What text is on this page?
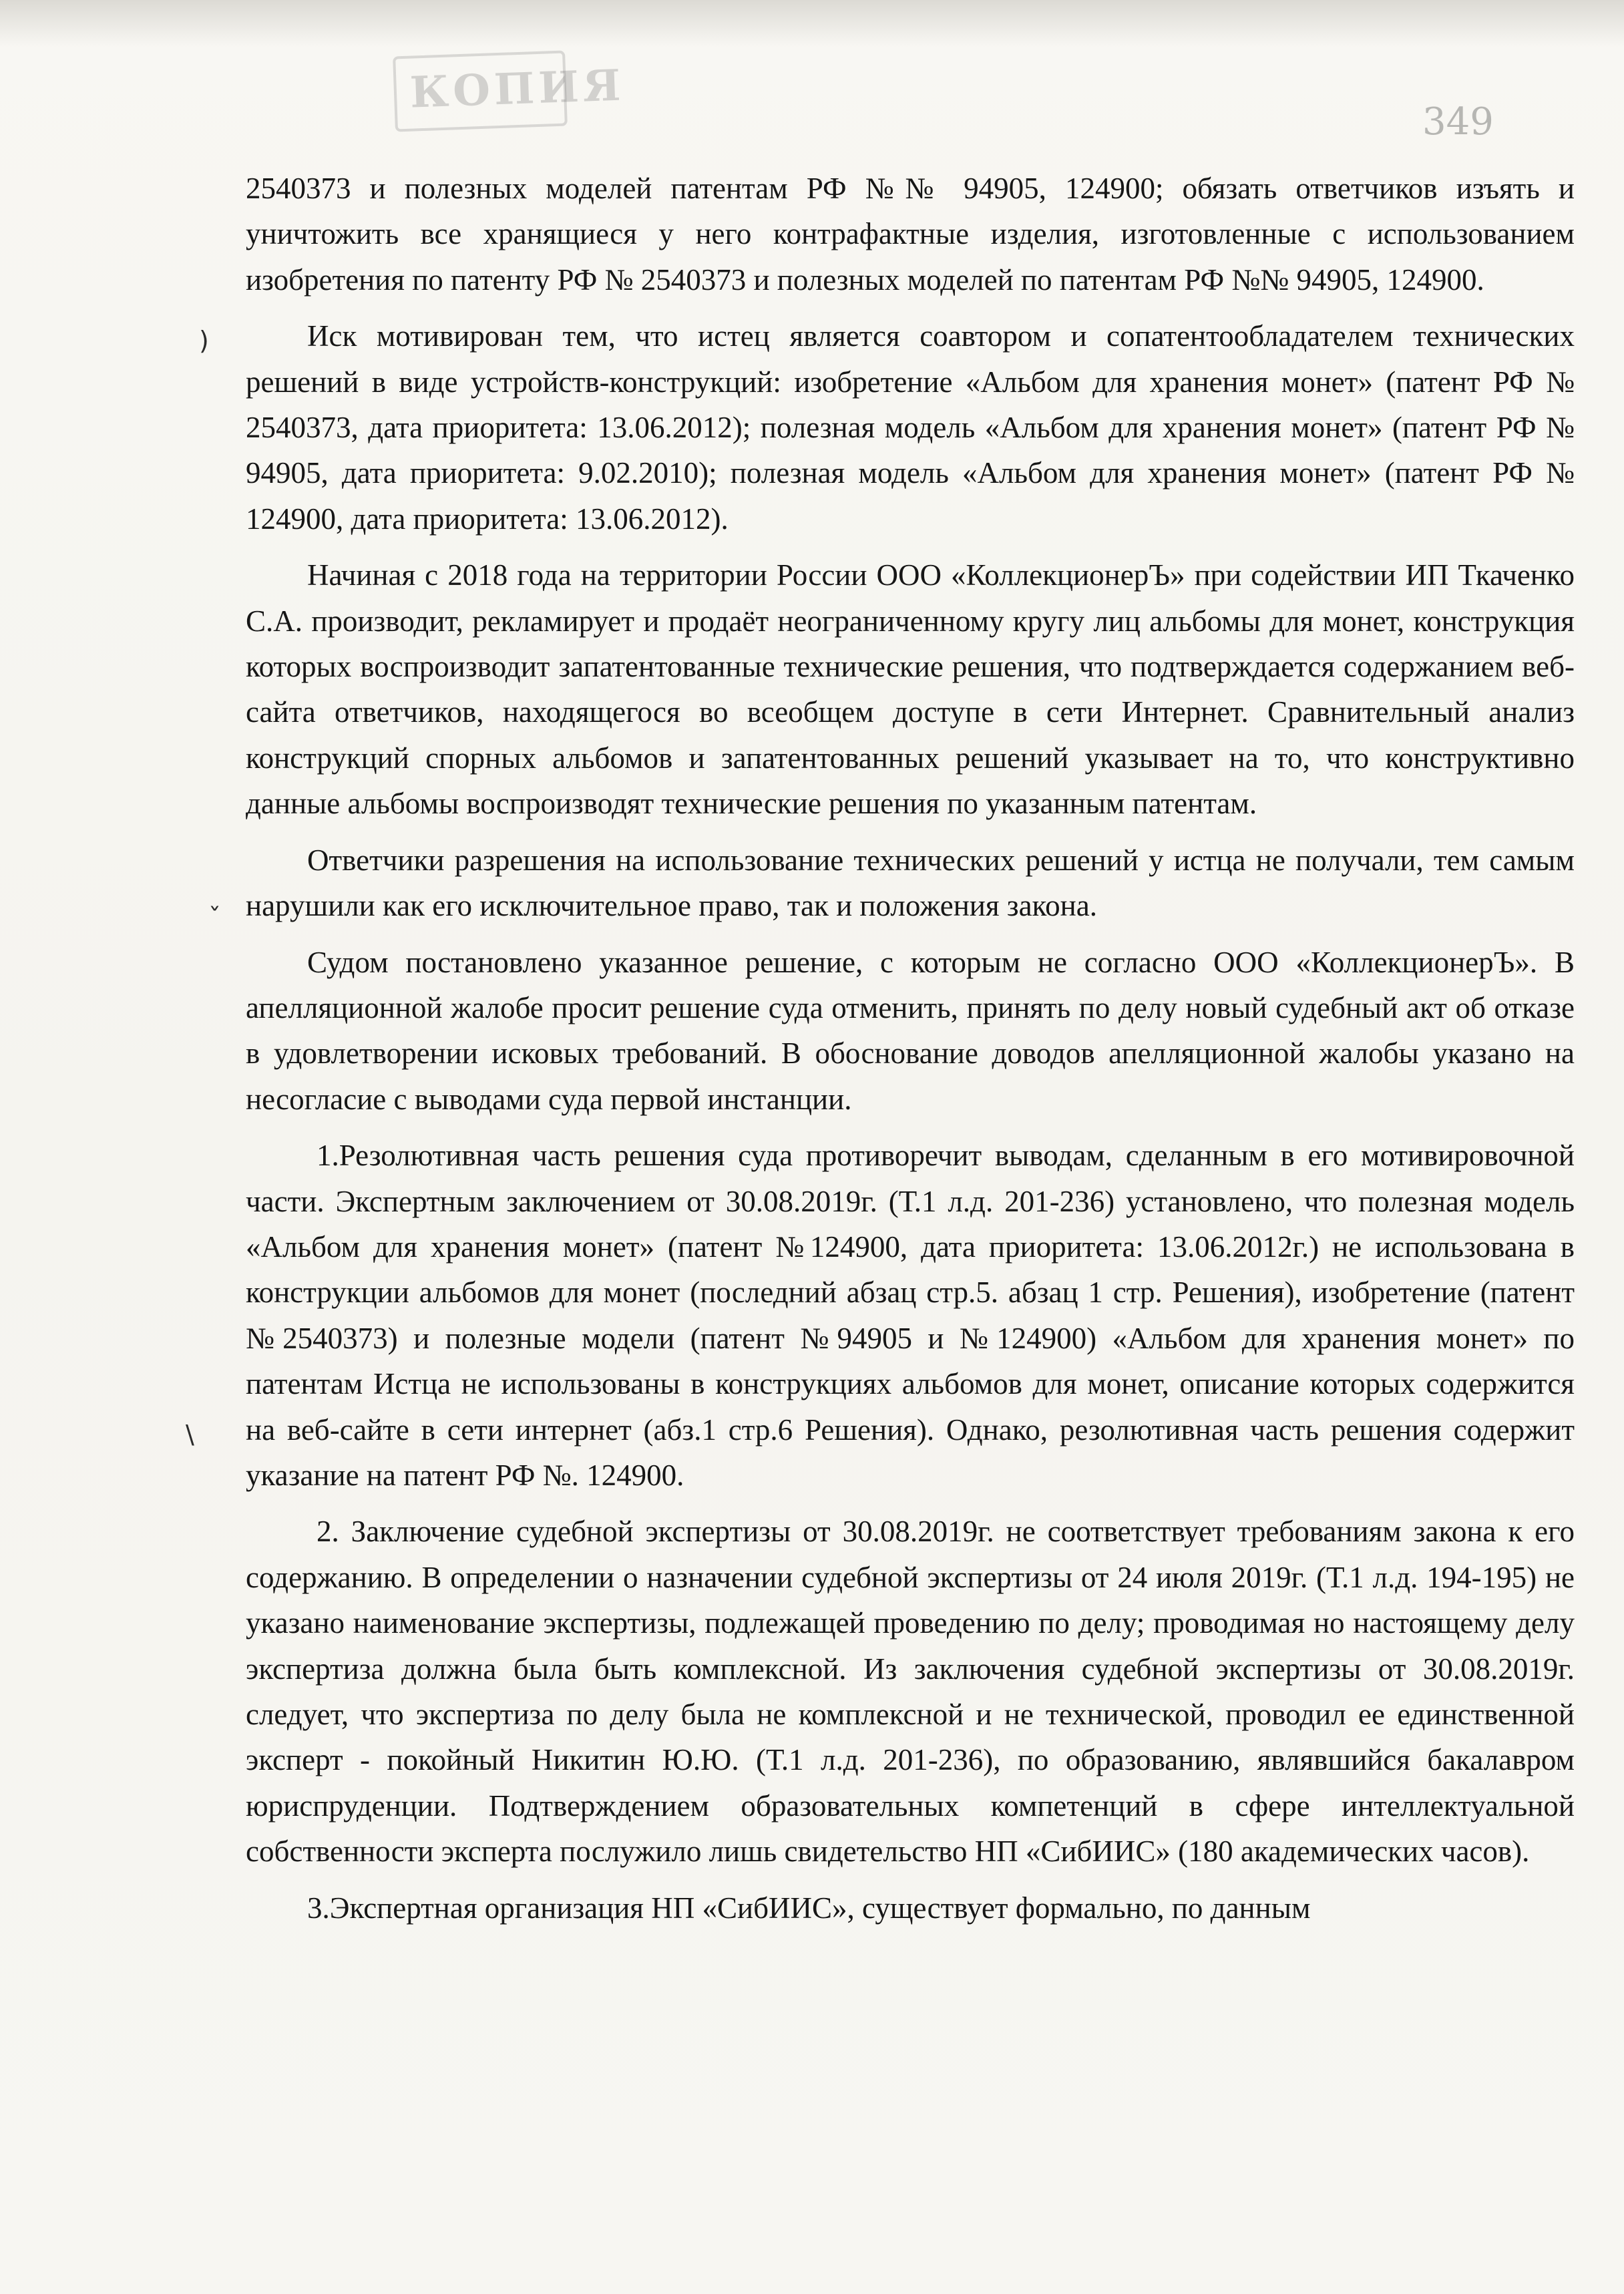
КОПИЯ
349
)
ˇ
\

2540373 и полезных моделей патентам РФ №№ 94905, 124900; обязать ответчиков изъять и уничтожить все хранящиеся у него контрафактные изделия, изготовленные с использованием изобретения по патенту РФ № 2540373 и полезных моделей по патентам РФ №№ 94905, 124900.

Иск мотивирован тем, что истец является соавтором и сопатентообладателем технических решений в виде устройств-конструкций: изобретение «Альбом для хранения монет» (патент РФ № 2540373, дата приоритета: 13.06.2012); полезная модель «Альбом для хранения монет» (патент РФ № 94905, дата приоритета: 9.02.2010); полезная модель «Альбом для хранения монет» (патент РФ № 124900, дата приоритета: 13.06.2012).

Начиная с 2018 года на территории России ООО «КоллекционерЪ» при содействии ИП Ткаченко С.А. производит, рекламирует и продаёт неограниченному кругу лиц альбомы для монет, конструкция которых воспроизводит запатентованные технические решения, что подтверждается содержанием веб-сайта ответчиков, находящегося во всеобщем доступе в сети Интернет. Сравнительный анализ конструкций спорных альбомов и запатентованных решений указывает на то, что конструктивно данные альбомы воспроизводят технические решения по указанным патентам.

Ответчики разрешения на использование технических решений у истца не получали, тем самым нарушили как его исключительное право, так и положения закона.

Судом постановлено указанное решение, с которым не согласно ООО «КоллекционерЪ». В апелляционной жалобе просит решение суда отменить, принять по делу новый судебный акт об отказе в удовлетворении исковых требований. В обоснование доводов апелляционной жалобы указано на несогласие с выводами суда первой инстанции.

1.Резолютивная часть решения суда противоречит выводам, сделанным в его мотивировочной части. Экспертным заключением от 30.08.2019г. (Т.1 л.д. 201-236) установлено, что полезная модель «Альбом для хранения монет» (патент №124900, дата приоритета: 13.06.2012г.) не использована в конструкции альбомов для монет (последний абзац стр.5. абзац 1 стр. Решения), изобретение (патент №2540373) и полезные модели (патент №94905 и №124900) «Альбом для хранения монет» по патентам Истца не использованы в конструкциях альбомов для монет, описание которых содержится на веб-сайте в сети интернет (абз.1 стр.6 Решения). Однако, резолютивная часть решения содержит указание на патент РФ №. 124900.

2. Заключение судебной экспертизы от 30.08.2019г. не соответствует требованиям закона к его содержанию. В определении о назначении судебной экспертизы от 24 июля 2019г. (Т.1 л.д. 194-195) не указано наименование экспертизы, подлежащей проведению по делу; проводимая но настоящему делу экспертиза должна была быть комплексной. Из заключения судебной экспертизы от 30.08.2019г. следует, что экспертиза по делу была не комплексной и не технической, проводил ее единственной эксперт - покойный Никитин Ю.Ю. (Т.1 л.д. 201-236), по образованию, являвшийся бакалавром юриспруденции. Подтверждением образовательных компетенций в сфере интеллектуальной собственности эксперта послужило лишь свидетельство НП «СибИИС» (180 академических часов).

3.Экспертная организация НП «СибИИС», существует формально, по данным
